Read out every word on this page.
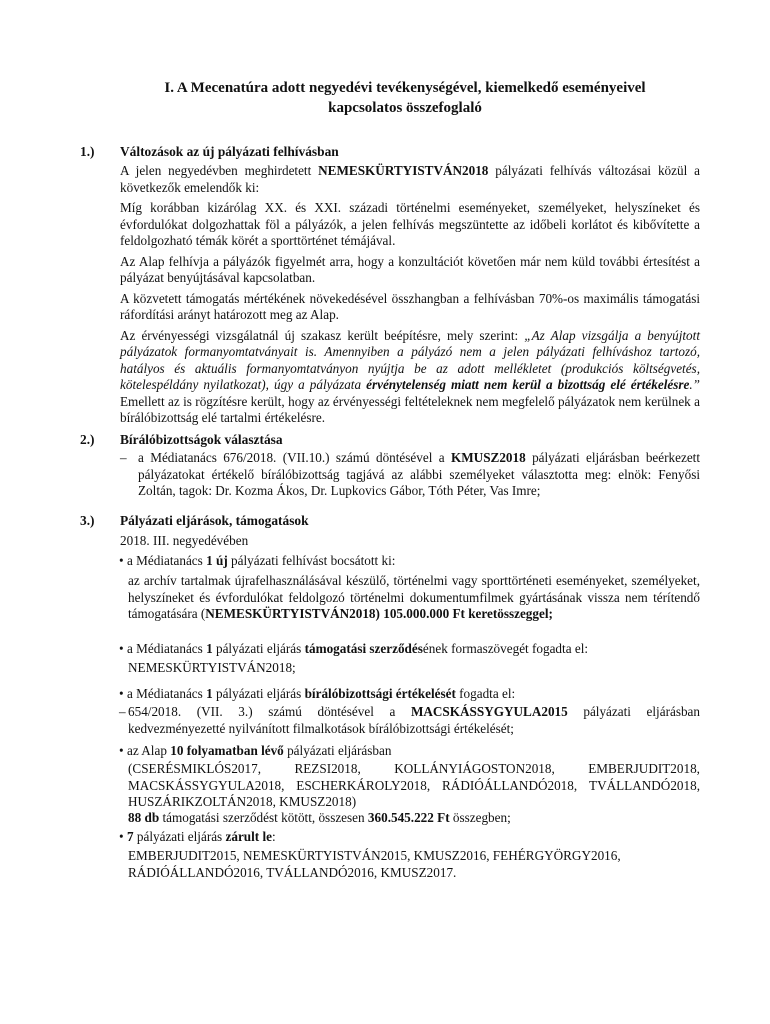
I. A Mecenatúra adott negyedévi tevékenységével, kiemelkedő eseményeivel
kapcsolatos összefoglaló
1.) Változások az új pályázati felhívásban

A jelen negyedévben meghirdetett NEMESKÜRTYISTVÁN2018 pályázati felhívás változásai közül a következők emelendők ki:

Míg korábban kizárólag XX. és XXI. századi történelmi eseményeket, személyeket, helyszíneket és évfordulókat dolgozhattak föl a pályázók, a jelen felhívás megszüntette az időbeli korlátot és kibővítette a feldolgozható témák körét a sporttörténet témájával.

Az Alap felhívja a pályázók figyelmét arra, hogy a konzultációt követően már nem küld további értesítést a pályázat benyújtásával kapcsolatban.

A közvetett támogatás mértékének növekedésével összhangban a felhívásban 70%-os maximális támogatási ráfordítási arányt határozott meg az Alap.

Az érvényességi vizsgálatnál új szakasz került beépítésre, mely szerint: „Az Alap vizsgálja a benyújtott pályázatok formanyomtatványait is. Amennyiben a pályázó nem a jelen pályázati felhíváshoz tartozó, hatályos és aktuális formanyomtatványon nyújtja be az adott mellékletet (produkciós költségvetés, kötelespéldány nyilatkozat), úgy a pályázata érvénytelenség miatt nem kerül a bizottság elé értékelésre.” Emellett az is rögzítésre került, hogy az érvényességi feltételeknek nem megfelelő pályázatok nem kerülnek a bírálóbizottság elé tartalmi értékelésre.

2.) Bírálóbizottságok választása
– a Médiatanács 676/2018. (VII.10.) számú döntésével a KMUSZ2018 pályázati eljárásban beérkezett pályázatokat értékelő bírálóbizottság tagjává az alábbi személyeket választotta meg: elnök: Fenyősi Zoltán, tagok: Dr. Kozma Ákos, Dr. Lupkovics Gábor, Tóth Péter, Vas Imre;
3.) Pályázati eljárások, támogatások
2018. III. negyedévében
• a Médiatanács 1 új pályázati felhívást bocsátott ki:

az archív tartalmak újrafelhasználásával készülő, történelmi vagy sporttörténeti eseményeket, személyeket, helyszíneket és évfordulókat feldolgozó történelmi dokumentumfilmek gyártásának vissza nem térítendő támogatására (NEMESKÜRTYISTVÁN2018) 105.000.000 Ft keretösszeggel;

• a Médiatanács 1 pályázati eljárás támogatási szerződésének formaszövegét fogadta el:
NEMESKÜRTYISTVÁN2018;
• a Médiatanács 1 pályázati eljárás bírálóbizottsági értékelését fogadta el:
– 654/2018. (VII. 3.) számú döntésével a MACSKÁSSYGYULA2015 pályázati eljárásban kedvezményezetté nyilvánított filmalkotások bírálóbizottsági értékelését;
• az Alap 10 folyamatban lévő pályázati eljárásban
(CSERÉSMIKLÓS2017,	REZSI2018,	KOLLÁNYIÁGOSTON2018,	EMBERJUDIT2018,
MACSKÁSSYGYULA2018, ESCHERKÁROLY2018, RÁDIÓÁLLANDÓ2018, TVÁLLANDÓ2018,
HUSZÁRIKZOLTÁN2018, KMUSZ2018)
88 db támogatási szerződést kötött, összesen 360.545.222 Ft összegben;
• 7 pályázati eljárás zárult le:
EMBERJUDIT2015, NEMESKÜRTYISTVÁN2015, KMUSZ2016, FEHÉRGYÖRGY2016,
RÁDIÓÁLLANDÓ2016, TVÁLLANDÓ2016, KMUSZ2017.
